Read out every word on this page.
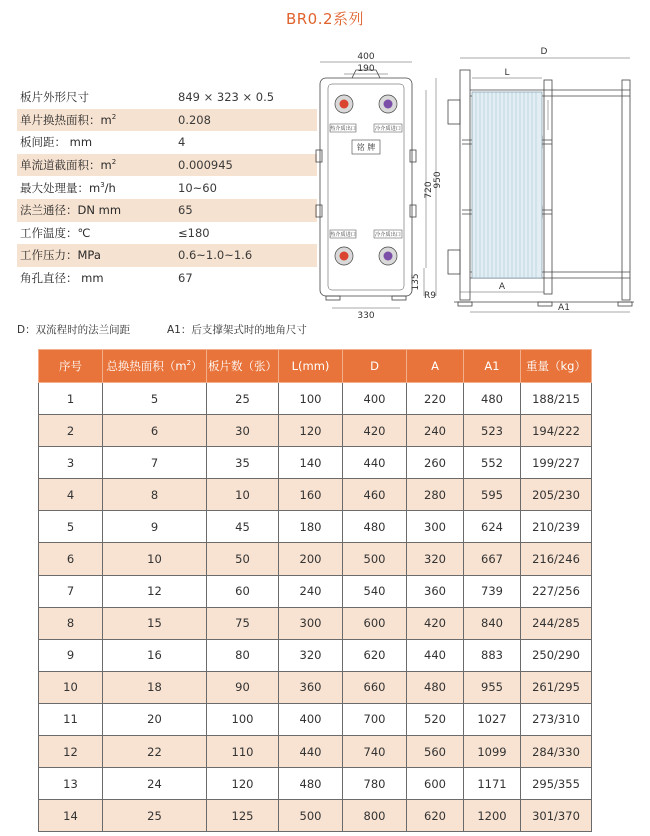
BR0.2系列
板片外形尺寸	849 × 323 × 0.5
单片换热面积：$m^2$	0.208
板间距： mm	4
单流道截面积：$m^2$	0.000945
最大处理量：$m^3/h$	10~60
法兰通径：DN mm	65
工作温度：℃	≤180
工作压力：MPa	0.6~1.0~1.6
角孔直径： mm	67
热介质出口	冷介质进口
热介质进口	冷介质出口
铭 牌
400
190
330
720
950
135
R9
D
L
A
A1
D：双流程时的法兰间距	A1：后支撑架式时的地角尺寸
序号	总换热面积$(m^2)$	板片数（张）	L(mm)	D	A	A1	重量（kg）
1	5	25	100	400	220	480	188/215
2	6	30	120	420	240	523	194/222
3	7	35	140	440	260	552	199/227
4	8	10	160	460	280	595	205/230
5	9	45	180	480	300	624	210/239
6	10	50	200	500	320	667	216/246
7	12	60	240	540	360	739	227/256
8	15	75	300	600	420	840	244/285
9	16	80	320	620	440	883	250/290
10	18	90	360	660	480	955	261/295
11	20	100	400	700	520	1027	273/310
12	22	110	440	740	560	1099	284/330
13	24	120	480	780	600	1171	295/355
14	25	125	500	800	620	1200	301/370
